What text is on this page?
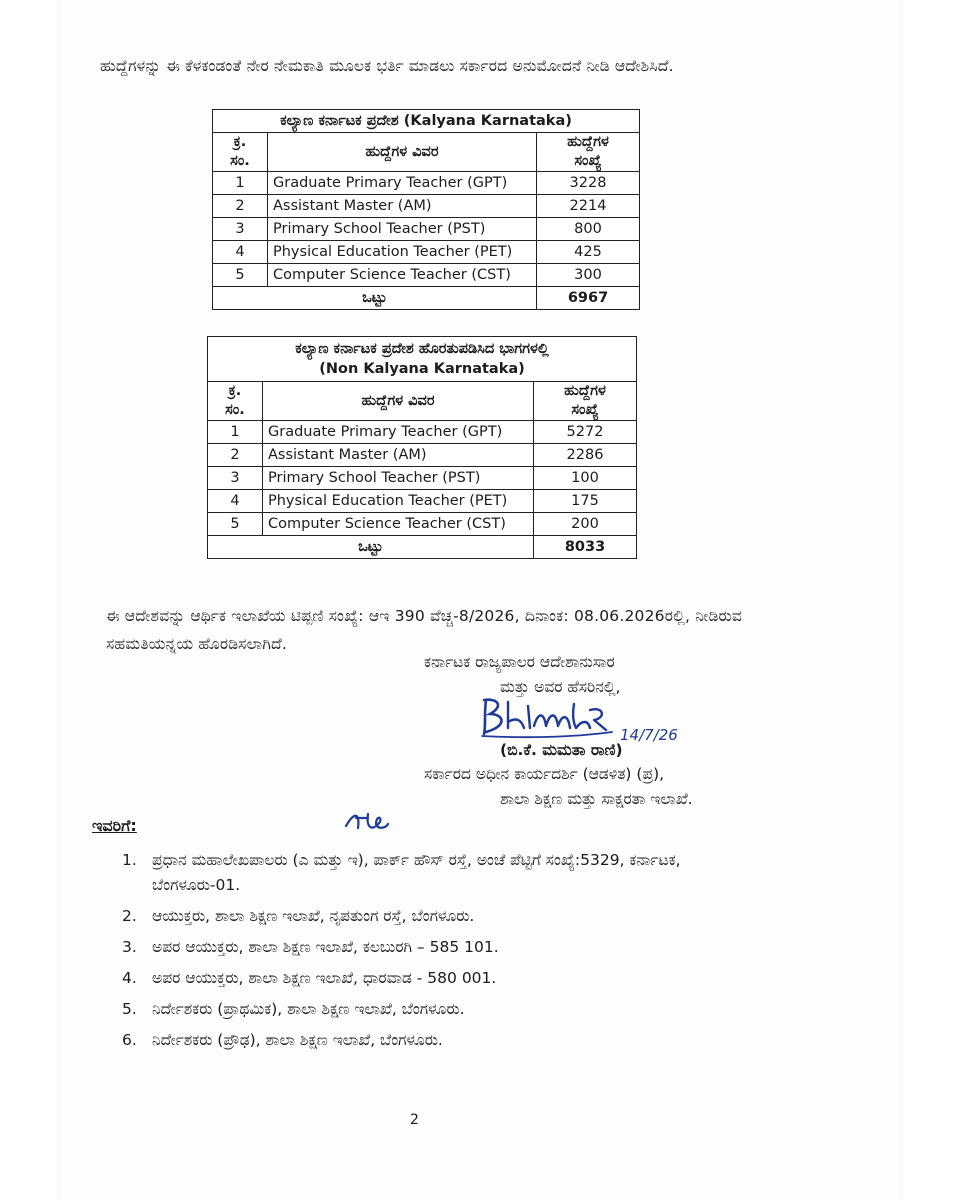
ಹುದ್ದೆಗಳನ್ನು ಈ ಕೆಳಕಂಡಂತೆ ನೇರ ನೇಮಕಾತಿ ಮೂಲಕ ಭರ್ತಿ ಮಾಡಲು ಸರ್ಕಾರದ ಅನುಮೋದನೆ ನೀಡಿ ಆದೇಶಿಸಿದೆ.

ಕಲ್ಯಾಣ ಕರ್ನಾಟಕ ಪ್ರದೇಶ (Kalyana Karnataka)		
ಕ್ರ.
ಸಂ.	ಹುದ್ದೆಗಳ ವಿವರ	ಹುದ್ದೆಗಳ
ಸಂಖ್ಯೆ
1	Graduate Primary Teacher (GPT)	3228
2	Assistant Master (AM)	2214
3	Primary School Teacher (PST)	800
4	Physical Education Teacher (PET)	425
5	Computer Science Teacher (CST)	300
ಒಟ್ಟು		6967
ಕಲ್ಯಾಣ ಕರ್ನಾಟಕ ಪ್ರದೇಶ ಹೊರತುಪಡಿಸಿದ ಭಾಗಗಳಲ್ಲಿ
(Non Kalyana Karnataka)		
ಕ್ರ.
ಸಂ.	ಹುದ್ದೆಗಳ ವಿವರ	ಹುದ್ದೆಗಳ
ಸಂಖ್ಯೆ
1	Graduate Primary Teacher (GPT)	5272
2	Assistant Master (AM)	2286
3	Primary School Teacher (PST)	100
4	Physical Education Teacher (PET)	175
5	Computer Science Teacher (CST)	200
ಒಟ್ಟು		8033

ಈ ಆದೇಶವನ್ನು ಆರ್ಥಿಕ ಇಲಾಖೆಯ ಟಿಪ್ಪಣಿ ಸಂಖ್ಯೆ: ಆಇ 390 ವೆಚ್ಚ-8/2026, ದಿನಾಂಕ: 08.06.2026ರಲ್ಲಿ, ನೀಡಿರುವ ಸಹಮತಿಯನ್ನಯ ಹೊರಡಿಸಲಾಗಿದೆ.

ಕರ್ನಾಟಕ ರಾಜ್ಯಪಾಲರ ಆದೇಶಾನುಸಾರ
ಮತ್ತು ಅವರ ಹೆಸರಿನಲ್ಲಿ,
(ಬಿ.ಕೆ. ಮಮತಾ ರಾಣಿ)
ಸರ್ಕಾರದ ಅಧೀನ ಕಾರ್ಯದರ್ಶಿ (ಆಡಳಿತ) (ಪ್ರ),
ಶಾಲಾ ಶಿಕ್ಷಣ ಮತ್ತು ಸಾಕ್ಷರತಾ ಇಲಾಖೆ.
14/7/26
ಇವರಿಗೆ:
1. ಪ್ರಧಾನ ಮಹಾಲೇಖಪಾಲರು (ಎ ಮತ್ತು ಇ), ಪಾರ್ಕ್ ಹೌಸ್ ರಸ್ತೆ, ಅಂಚೆ ಪೆಟ್ಟಿಗೆ ಸಂಖ್ಯೆ:5329, ಕರ್ನಾಟಕ, ಬೆಂಗಳೂರು-01.
2. ಆಯುಕ್ತರು, ಶಾಲಾ ಶಿಕ್ಷಣ ಇಲಾಖೆ, ನೃಪತುಂಗ ರಸ್ತೆ, ಬೆಂಗಳೂರು.
3. ಅಪರ ಆಯುಕ್ತರು, ಶಾಲಾ ಶಿಕ್ಷಣ ಇಲಾಖೆ, ಕಲಬುರಗಿ – 585 101.
4. ಅಪರ ಆಯುಕ್ತರು, ಶಾಲಾ ಶಿಕ್ಷಣ ಇಲಾಖೆ, ಧಾರವಾಡ - 580 001.
5. ನಿರ್ದೇಶಕರು (ಪ್ರಾಥಮಿಕ), ಶಾಲಾ ಶಿಕ್ಷಣ ಇಲಾಖೆ, ಬೆಂಗಳೂರು.
6. ನಿರ್ದೇಶಕರು (ಪ್ರೌಢ), ಶಾಲಾ ಶಿಕ್ಷಣ ಇಲಾಖೆ, ಬೆಂಗಳೂರು.
2
